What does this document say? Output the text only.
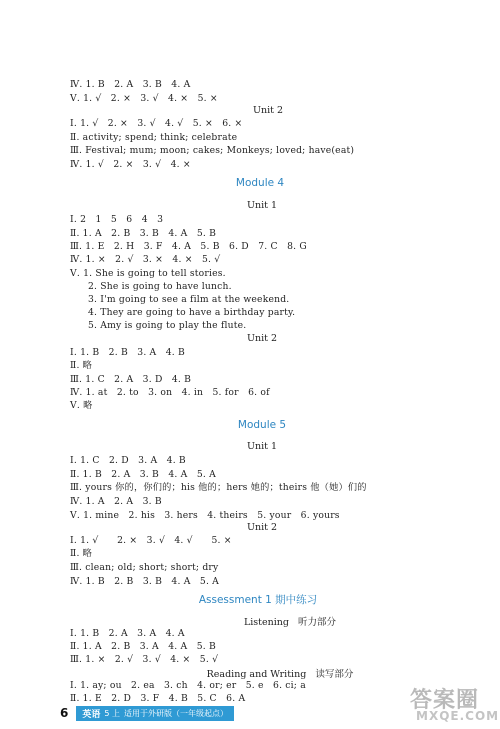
Ⅳ. 1. B   2. A   3. B   4. A
Ⅴ. 1. √   2. ×   3. √   4. ×   5. ×
Unit 2
Ⅰ. 1. √   2. ×   3. √   4. √   5. ×   6. ×
Ⅱ. activity; spend; think; celebrate
Ⅲ. Festival; mum; moon; cakes; Monkeys; loved; have(eat)
Ⅳ. 1. √   2. ×   3. √   4. ×
Module 4
Unit 1
Ⅰ. 2   1   5   6   4   3
Ⅱ. 1. A   2. B   3. B   4. A   5. B
Ⅲ. 1. E   2. H   3. F   4. A   5. B   6. D   7. C   8. G
Ⅳ. 1. ×   2. √   3. ×   4. ×   5. √
Ⅴ. 1. She is going to tell stories.
2. She is going to have lunch.
3. I'm going to see a film at the weekend.
4. They are going to have a birthday party.
5. Amy is going to play the flute.
Unit 2
Ⅰ. 1. B   2. B   3. A   4. B
Ⅱ. 略
Ⅲ. 1. C   2. A   3. D   4. B
Ⅳ. 1. at   2. to   3. on   4. in   5. for   6. of
Ⅴ. 略
Module 5
Unit 1
Ⅰ. 1. C   2. D   3. A   4. B
Ⅱ. 1. B   2. A   3. B   4. A   5. A
Ⅲ. yours 你的，你们的；his 他的；hers 她的；theirs 他（她）们的
Ⅳ. 1. A   2. A   3. B
Ⅴ. 1. mine   2. his   3. hers   4. theirs   5. your   6. yours
Unit 2
Ⅰ. 1. √      2. ×   3. √   4. √      5. ×
Ⅱ. 略
Ⅲ. clean; old; short; short; dry
Ⅳ. 1. B   2. B   3. B   4. A   5. A
Assessment 1 期中练习
Listening   听力部分
Ⅰ. 1. B   2. A   3. A   4. A
Ⅱ. 1. A   2. B   3. A   4. A   5. B
Ⅲ. 1. ×   2. √   3. √   4. ×   5. √
Reading and Writing   读写部分
Ⅰ. 1. ay; ou   2. ea   3. ch   4. or; er   5. e   6. ci; a
Ⅱ. 1. E   2. D   3. F   4. B   5. C   6. A
6 英语 5 上 适用于外研版（一年级起点）	答案圈
MXQE.COM
